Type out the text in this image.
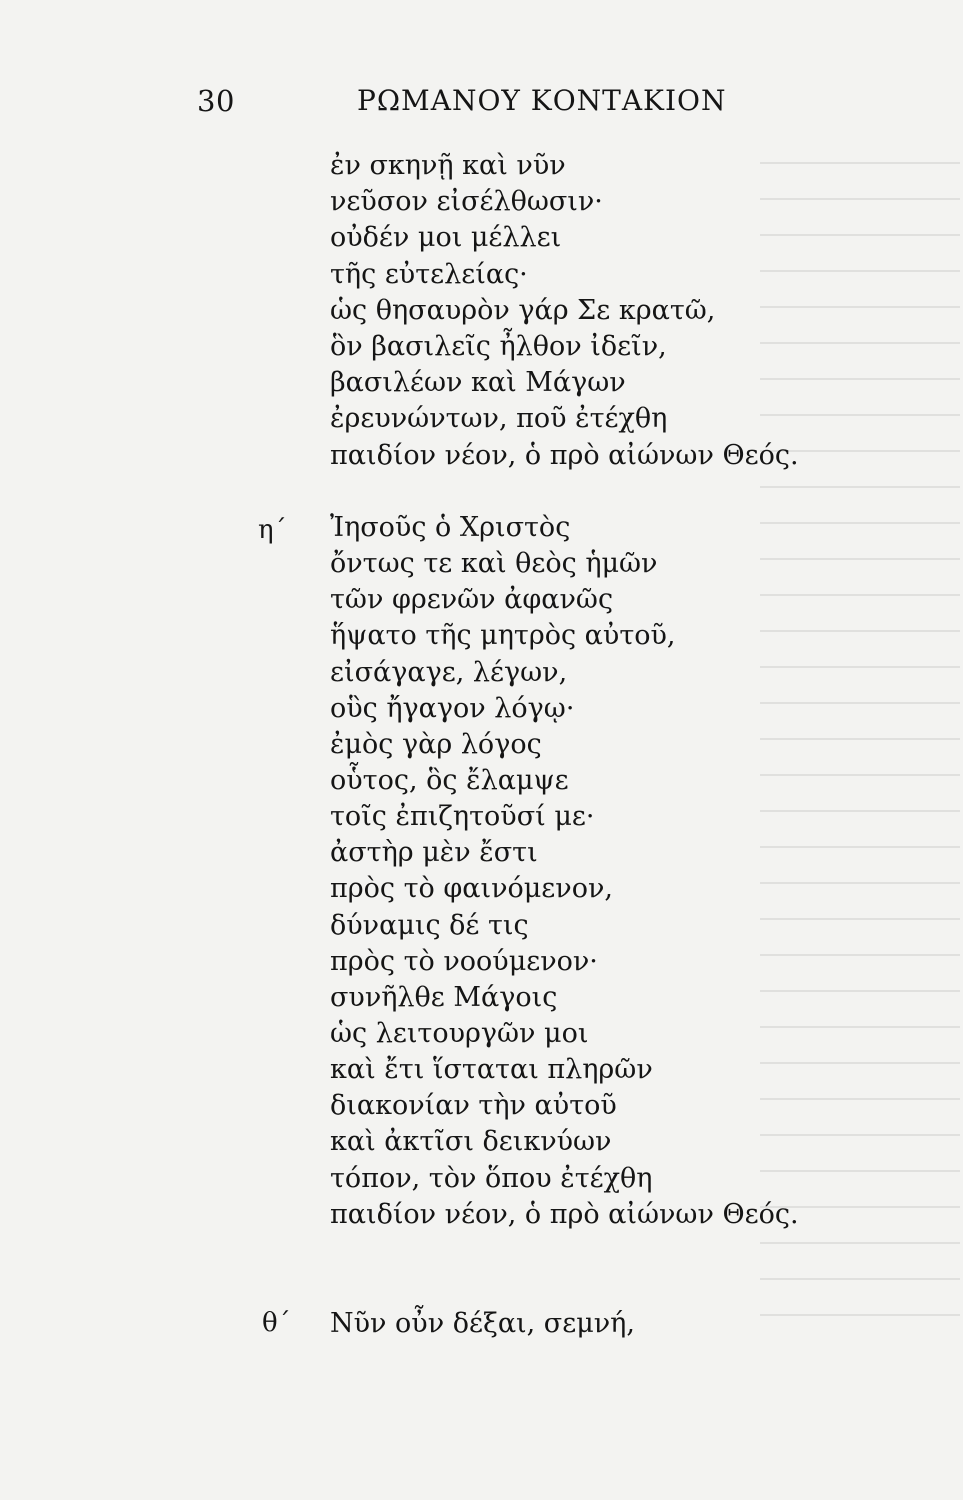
30	ΡΩΜΑΝΟΥ ΚΟΝΤΑΚΙΟΝ
ἐν σκηνῇ καὶ νῦν
νεῦσον εἰσέλθωσιν·
οὐδέν μοι μέλλει
τῆς εὐτελείας·
ὡς θησαυρὸν γάρ Σε κρατῶ,
ὃν βασιλεῖς ἦλθον ἰδεῖν,
βασιλέων καὶ Μάγων
ἐρευνώντων, ποῦ ἐτέχθη
παιδίον νέον, ὁ πρὸ αἰώνων Θεός.
η΄ Ἰησοῦς ὁ Χριστὸς
ὄντως τε καὶ θεὸς ἡμῶν
τῶν φρενῶν ἀφανῶς
ἥψατο τῆς μητρὸς αὐτοῦ,
εἰσάγαγε, λέγων,
οὓς ἤγαγον λόγῳ·
ἐμὸς γὰρ λόγος
οὗτος, ὃς ἔλαμψε
τοῖς ἐπιζητοῦσί με·
ἀστὴρ μὲν ἔστι
πρὸς τὸ φαινόμενον,
δύναμις δέ τις
πρὸς τὸ νοούμενον·
συνῆλθε Μάγοις
ὡς λειτουργῶν μοι
καὶ ἔτι ἵσταται πληρῶν
διακονίαν τὴν αὐτοῦ
καὶ ἀκτῖσι δεικνύων
τόπον, τὸν ὅπου ἐτέχθη
παιδίον νέον, ὁ πρὸ αἰώνων Θεός.
θ΄ Νῦν οὖν δέξαι, σεμνή,
